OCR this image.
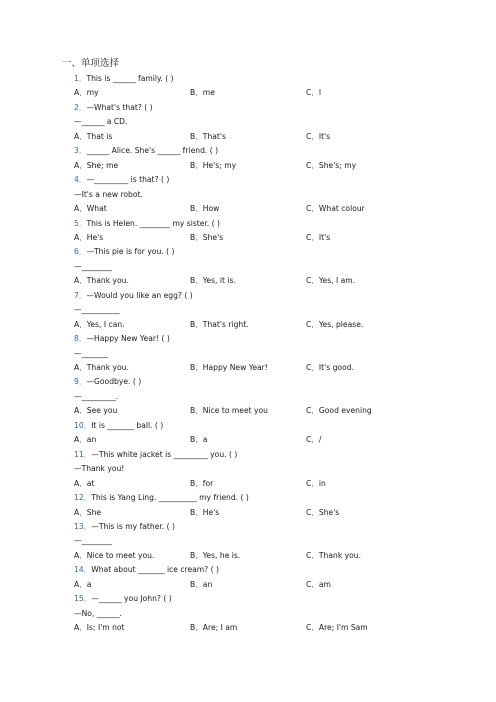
一、单项选择
1．This is ______ family. ( )
A．my	B．me	C．I
2．—What's that? ( )
—______ a CD.
A．That is	B．That's	C．It's
3．______ Alice. She's ______ friend. ( )
A．She; me	B．He's; my	C．She's; my
4．—_________ is that? ( )
—It's a new robot.
A．What	B．How	C．What colour
5．This is Helen. ________ my sister. ( )
A．He's	B．She's	C．It's
6．—This pie is for you. ( )
—________
A．Thank you.	B．Yes, it is.	C．Yes, I am.
7．—Would you like an egg? ( )
—__________
A．Yes, I can.	B．That's right.	C．Yes, please.
8．—Happy New Year! ( )
—_______
A．Thank you.	B．Happy New Year!	C．It's good.
9．—Goodbye. ( )
—_________.
A．See you	B．Nice to meet you	C．Good evening
10．It is _______ ball. ( )
A．an	B．a	C．/
11．—This white jacket is _________ you. ( )
—Thank you!
A．at	B．for	C．in
12．This is Yang Ling. __________ my friend. ( )
A．She	B．He's	C．She's
13．—This is my father. ( )
—________
A．Nice to meet you.	B．Yes, he is.	C．Thank you.
14．What about _______ ice cream? ( )
A．a	B．an	C．am
15．—______ you John? ( )
—No, ______.
A．Is; I'm not	B．Are; I am	C．Are; I'm Sam
